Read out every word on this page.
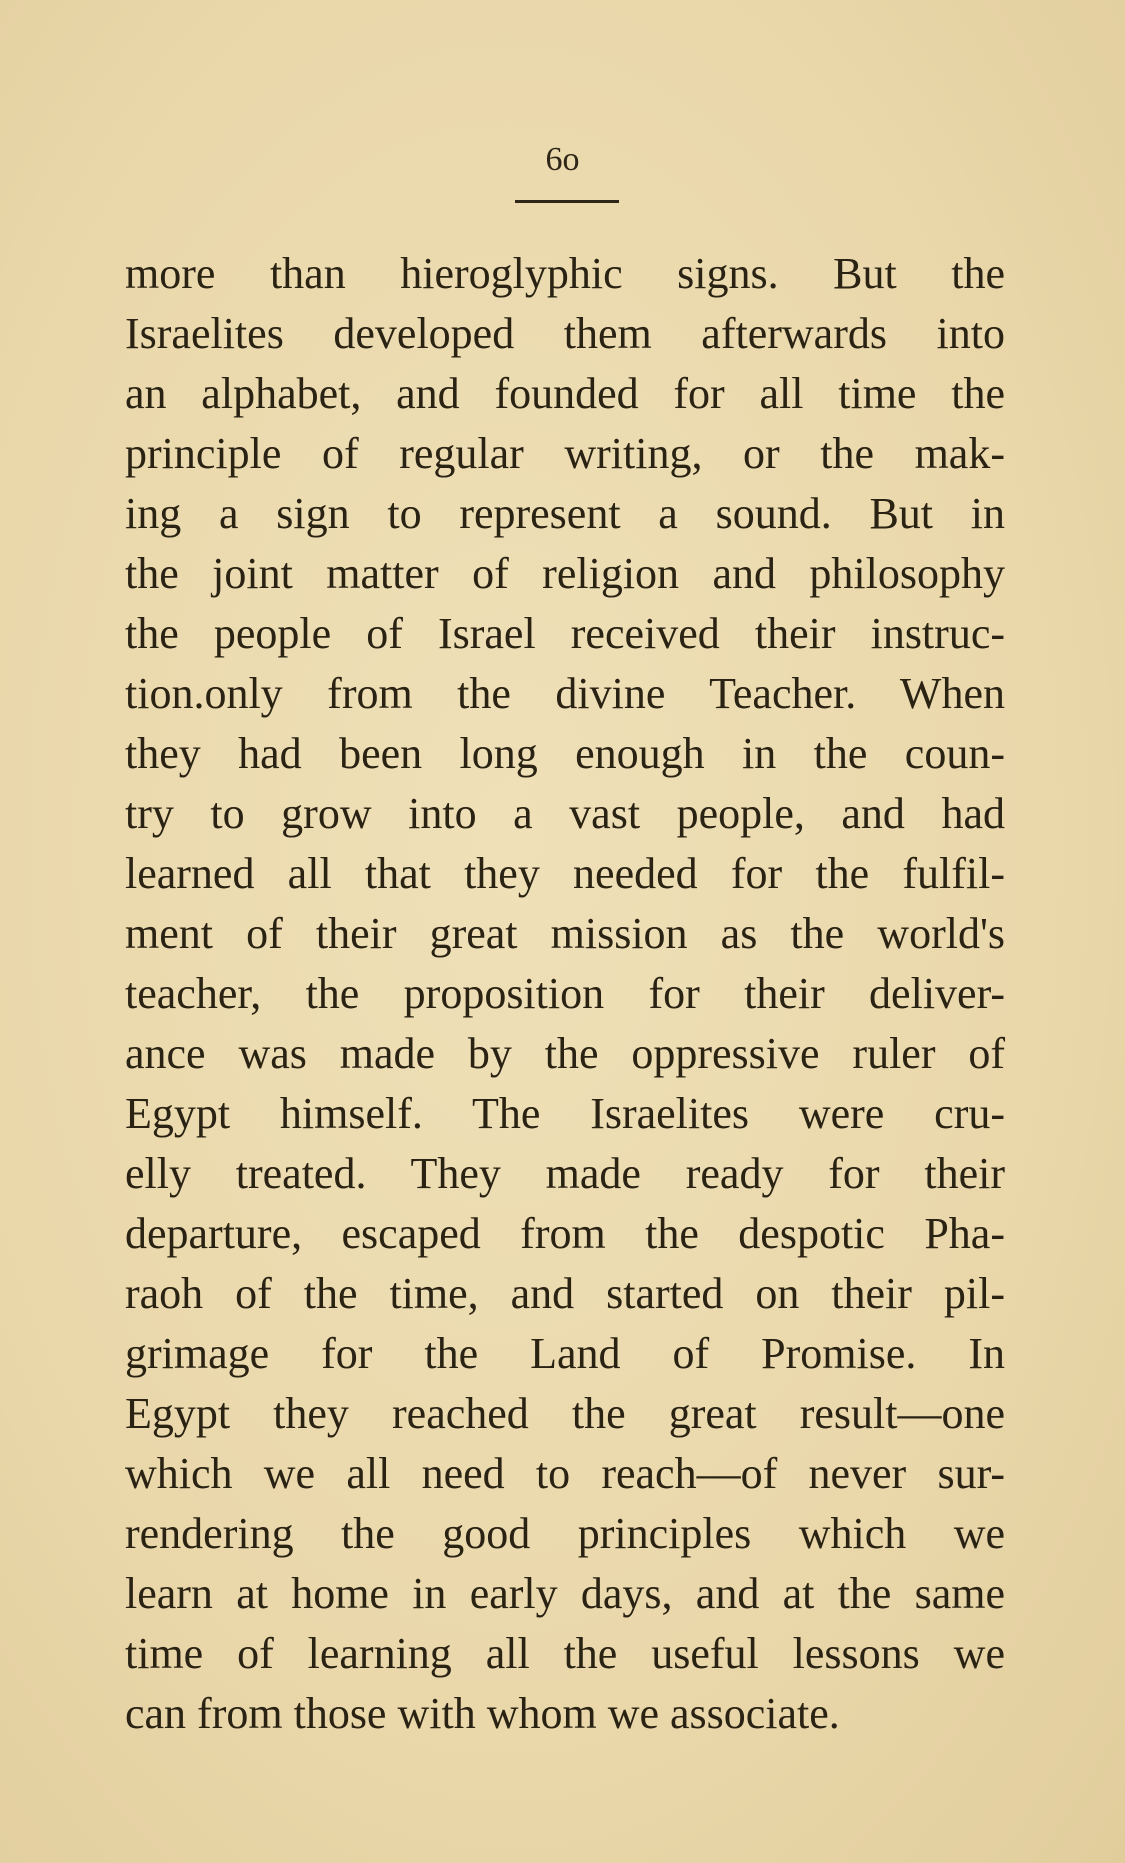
6o
more than hieroglyphic signs. But the
Israelites developed them afterwards into
an alphabet, and founded for all time the
principle of regular writing, or the mak-
ing a sign to represent a sound. But in
the joint matter of religion and philosophy
the people of Israel received their instruc-
tion.only from the divine Teacher. When
they had been long enough in the coun-
try to grow into a vast people, and had
learned all that they needed for the fulfil-
ment of their great mission as the world's
teacher, the proposition for their deliver-
ance was made by the oppressive ruler of
Egypt himself. The Israelites were cru-
elly treated. They made ready for their
departure, escaped from the despotic Pha-
raoh of the time, and started on their pil-
grimage for the Land of Promise. In
Egypt they reached the great result—one
which we all need to reach—of never sur-
rendering the good principles which we
learn at home in early days, and at the same
time of learning all the useful lessons we
can from those with whom we associate.
